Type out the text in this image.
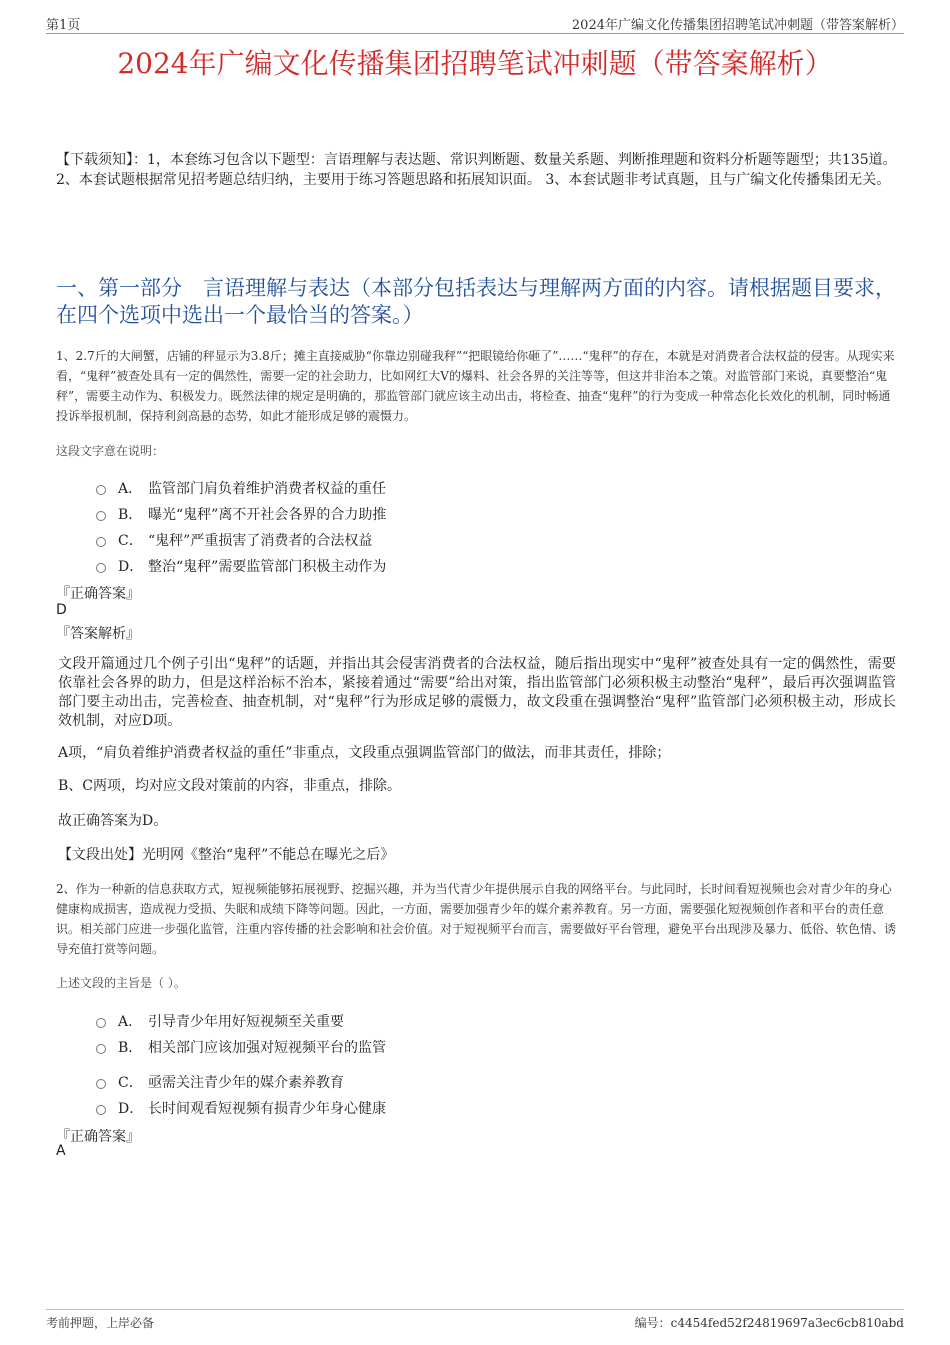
第1页	2024年广编文化传播集团招聘笔试冲刺题（带答案解析）
2024年广编文化传播集团招聘笔试冲刺题（带答案解析）
【下载须知】：1，本套练习包含以下题型：言语理解与表达题、常识判断题、数量关系题、判断推理题和资料分析题等题型；共135道。 2、本套试题根据常见招考题总结归纳，主要用于练习答题思路和拓展知识面。 3、本套试题非考试真题，且与广编文化传播集团无关。
一、第一部分　言语理解与表达（本部分包括表达与理解两方面的内容。请根据题目要求，在四个选项中选出一个最恰当的答案。）
1、2.7斤的大闸蟹，店铺的秤显示为3.8斤；摊主直接威胁“你靠边别碰我秤”“把眼镜给你砸了”……“鬼秤”的存在，本就是对消费者合法权益的侵害。从现实来看，“鬼秤”被查处具有一定的偶然性，需要一定的社会助力，比如网红大V的爆料、社会各界的关注等等，但这并非治本之策。对监管部门来说，真要整治“鬼秤”，需要主动作为、积极发力。既然法律的规定是明确的，那监管部门就应该主动出击，将检查、抽查“鬼秤”的行为变成一种常态化长效化的机制，同时畅通投诉举报机制，保持利剑高悬的态势，如此才能形成足够的震慑力。
这段文字意在说明：
A． 监管部门肩负着维护消费者权益的重任
B． 曝光“鬼秤”离不开社会各界的合力助推
C． “鬼秤”严重损害了消费者的合法权益
D． 整治“鬼秤”需要监管部门积极主动作为
『正确答案』
D
『答案解析』
文段开篇通过几个例子引出“鬼秤”的话题，并指出其会侵害消费者的合法权益，随后指出现实中“鬼秤”被查处具有一定的偶然性，需要依靠社会各界的助力，但是这样治标不治本，紧接着通过“需要”给出对策，指出监管部门必须积极主动整治“鬼秤”，最后再次强调监管部门要主动出击，完善检查、抽查机制，对“鬼秤”行为形成足够的震慑力，故文段重在强调整治“鬼秤”监管部门必须积极主动，形成长效机制，对应D项。
A项，“肩负着维护消费者权益的重任”非重点，文段重点强调监管部门的做法，而非其责任，排除；
B、C两项，均对应文段对策前的内容，非重点，排除。
故正确答案为D。
【文段出处】光明网《整治“鬼秤”不能总在曝光之后》
2、作为一种新的信息获取方式，短视频能够拓展视野、挖掘兴趣，并为当代青少年提供展示自我的网络平台。与此同时，长时间看短视频也会对青少年的身心健康构成损害，造成视力受损、失眠和成绩下降等问题。因此，一方面，需要加强青少年的媒介素养教育。另一方面，需要强化短视频创作者和平台的责任意识。相关部门应进一步强化监管，注重内容传播的社会影响和社会价值。对于短视频平台而言，需要做好平台管理，避免平台出现涉及暴力、低俗、软色情、诱导充值打赏等问题。
上述文段的主旨是（ ）。
A． 引导青少年用好短视频至关重要
B． 相关部门应该加强对短视频平台的监管
C． 亟需关注青少年的媒介素养教育
D． 长时间观看短视频有损青少年身心健康
『正确答案』
A
考前押题，上岸必备	编号：c4454fed52f24819697a3ec6cb810abd
